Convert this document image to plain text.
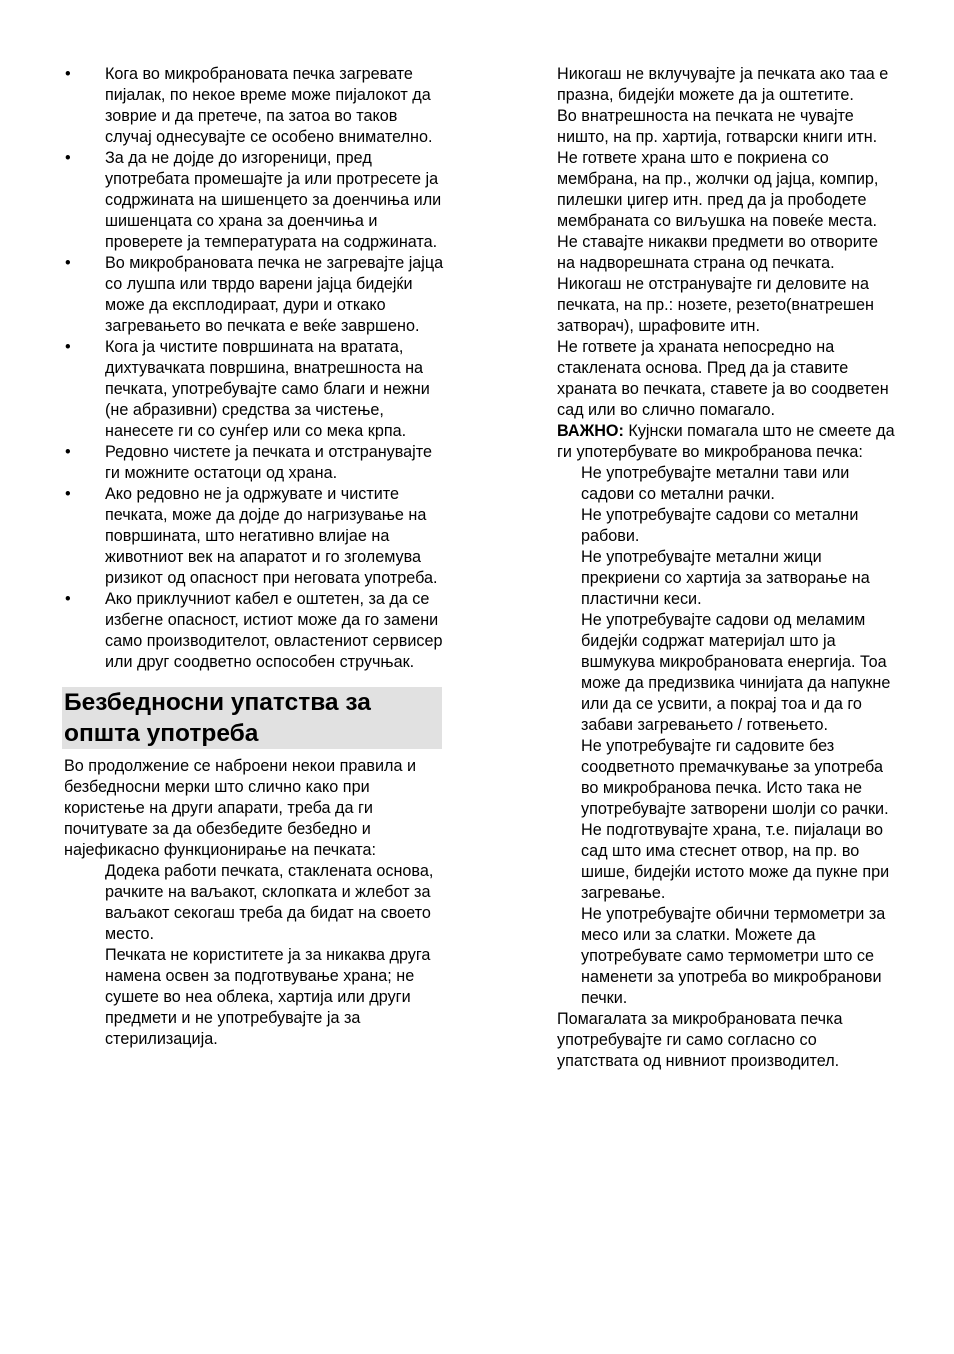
• Кога во микробрановата печка загревате пијалак, по некое време може пијалокот да зоврие и да претече, па затоа во таков случај однесувајте се особено внимателно.
• За да не дојде до изгореници, пред употребата промешајте ја или протресете ја содржината на шишенцето за доенчиња или шишенцата со храна за доенчиња и проверете ја температурата на содржината.
• Во микробрановата печка не загревајте јајца со лушпа или тврдо варени јајца бидејќи може да експлодираат, дури и откако загревањето во печката е веќе завршено.
• Кога ја чистите површината на вратата, дихтувачката површина, внатрешноста на печката, употребувајте само благи и нежни (не абразивни) средства за чистење, нанесете ги со сунѓер или со мека крпа.
• Редовно чистете ја печката и отстранувајте ги можните остатоци од храна.
• Ако редовно не ја одржувате и чистите печката, може да дојде до нагризување на површината, што негативно влијае на животниот век на апаратот и го зголемува ризикот од опасност при неговата употреба.
• Ако приклучниот кабел е оштетен, за да се избегне опасност, истиот може да го замени само производителот, овластениот сервисер или друг соодветно оспособен стручњак.
Безбедносни упатства за општа употреба
Во продолжение се наброени некои правила и безбедносни мерки што слично како при користење на други апарати, треба да ги почитувате за да обезбедите безбедно и најефикасно функционирање на печката:
Додека работи печката, стаклената основа, рачките на ваљакот, склопката и жлебот за ваљакот секогаш треба да бидат на своето место.
Печката не користитете ја за никаква друга намена освен за подготвување храна; не сушете во неа облека, хартија или други предмети и не употребувајте ја за стерилизација.
Никогаш не вклучувајте ја печката ако таа е празна, бидејќи можете да ја оштетите.
Во внатрешноста на печката не чувајте ништо, на пр. хартија, готварски книги итн.
Не гответе храна што е покриена со мембрана, на пр., жолчки од јајца, компир, пилешки џигер итн. пред да ја прободете мембраната со виљушка на повеќе места.
Не ставајте никакви предмети во отворите на надворешната страна од печката.
Никогаш не отстранувајте ги деловите на печката, на пр.: нозете, резето(внатрешен затворач), шрафовите итн.
Не гответе ја храната непосредно на стаклената основа. Пред да ја ставите храната во печката, ставете ја во соодветен сад или во слично помагало.
ВАЖНО: Кујнски помагала што не смеете да ги употербувате во микробранова печка:
Не употребувајте метални тави или садови со метални рачки.
Не употребувајте садови со метални рабови.
Не употребувајте метални жици прекриени со хартија за затворање на пластични кеси.
Не употребувајте садови од меламим бидејќи содржат материјал што ја вшмукува микробрановата енергија. Тоа може да предизвика чинијата да напукне или да се усвити, а покрај тоа и да го забави загревањето / готвењето.
Не употребувајте ги садовите без соодветното премачкување за употреба во микробранова печка. Исто така не употребувајте затворени шолји со рачки.
Не подготвувајте храна, т.е. пијалаци во сад што има стеснет отвор, на пр. во шише, бидејќи истото може да пукне при загревање.
Не употребувајте обични термометри за месо или за слатки. Можете да употребувате само термометри што се наменети за употреба во микробранови печки.
Помагалата за микробрановата печка употребувајте ги само согласно со упатствата од нивниот производител.
